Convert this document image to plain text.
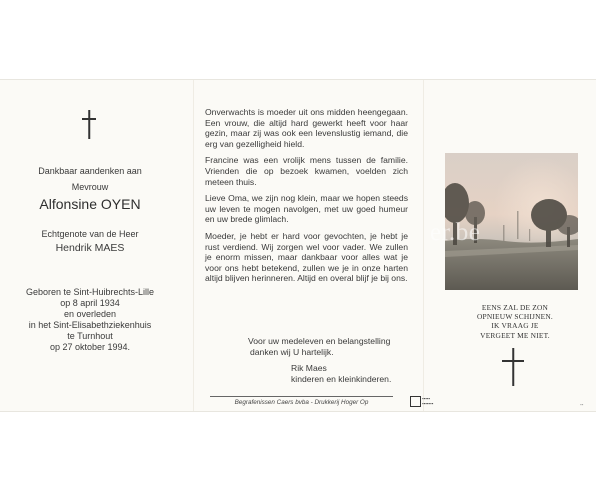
Dankbaar aandenken aan
Mevrouw
Alfonsine OYEN
Echtgenote van de Heer
Hendrik MAES
Geboren te Sint-Huibrechts-Lille
op 8 april 1934
en overleden
in het Sint-Elisabethziekenhuis
te Turnhout
op 27 oktober 1994.

Onverwachts is moeder uit ons midden heengegaan. Een vrouw, die altijd hard gewerkt heeft voor haar gezin, maar zij was ook een levenslustig iemand, die erg van gezelligheid hield.

Francine was een vrolijk mens tussen de familie. Vrienden die op bezoek kwamen, voelden zich meteen thuis.

Lieve Oma, we zijn nog klein, maar we hopen steeds uw leven te mogen navolgen, met uw goed humeur en uw brede glimlach.

Moeder, je hebt er hard voor gevochten, je hebt je rust verdiend. Wij zorgen wel voor vader. We zullen je enorm missen, maar dankbaar voor alles wat je voor ons hebt betekend, zullen we je in onze harten altijd blijven herinneren. Altijd en overal blijf je bij ons.

Voor uw medeleven en belangstelling
danken wij U hartelijk.
Rik Maes
kinderen en kleinkinderen.
Begrafenissen Caers bvba - Drukkerij Hoger Op
▪▪▪▪▪
▪▪▪▪▪▪▪	▪▪
er.be
EENS ZAL DE ZON
OPNIEUW SCHIJNEN.
IK VRAAG JE
VERGEET ME NIET.
